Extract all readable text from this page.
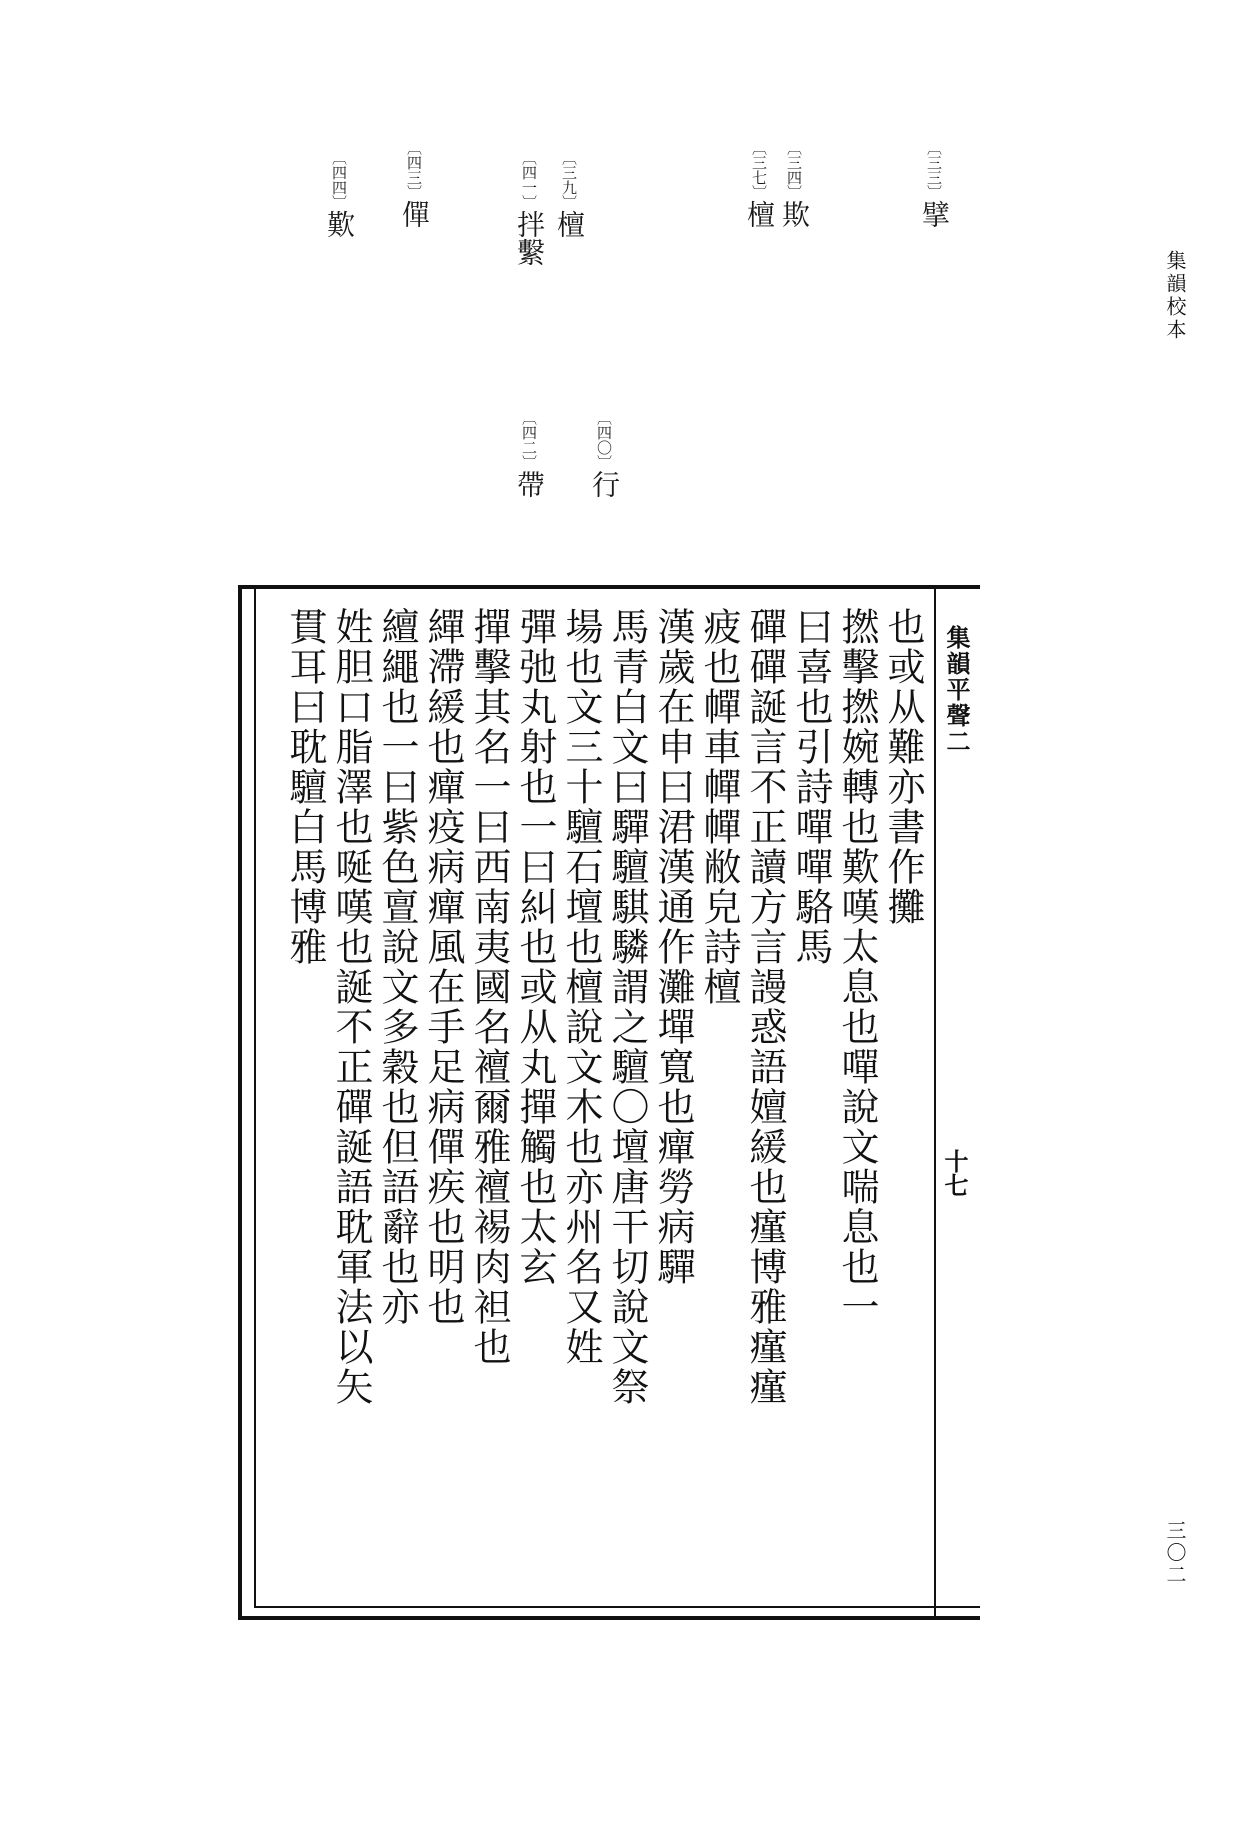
集韻校本
三〇二
〔三三〕擘
〔三四〕欺
〔三七〕檀
〔三九〕檀
〔四〇〕行
〔四一〕拌繫
〔四二〕帶
〔四三〕僤
〔四四〕歎
集韻平聲二
十七
也或从難亦書作攤
撚擊撚婉轉也歎嘆太息也嘽說文喘息也一
曰喜也引詩嘽嘽駱馬
磾磾誕言不正讀方言謾惑語嬗緩也瘽博雅瘽瘽
疲也幝車幝幝敝皃詩檀
漢歲在申曰涒漢通作灘墠寬也癉勞病驒
馬青白文曰驒驙騏驎謂之驙〇壇唐干切說文祭
場也文三十驙石壇也檀說文木也亦州名又姓
彈弛丸射也一曰糾也或从丸撣觸也太玄
撣擊其名一曰西南夷國名襢爾雅襢裼肉袒也
繟滯緩也癉疫病癉風在手足病僤疾也明也
繵繩也一曰紫色亶說文多穀也但語辭也亦
姓胆口脂澤也唌嘆也誕不正磾誕語耽軍法以矢
貫耳曰耽驙白馬博雅
